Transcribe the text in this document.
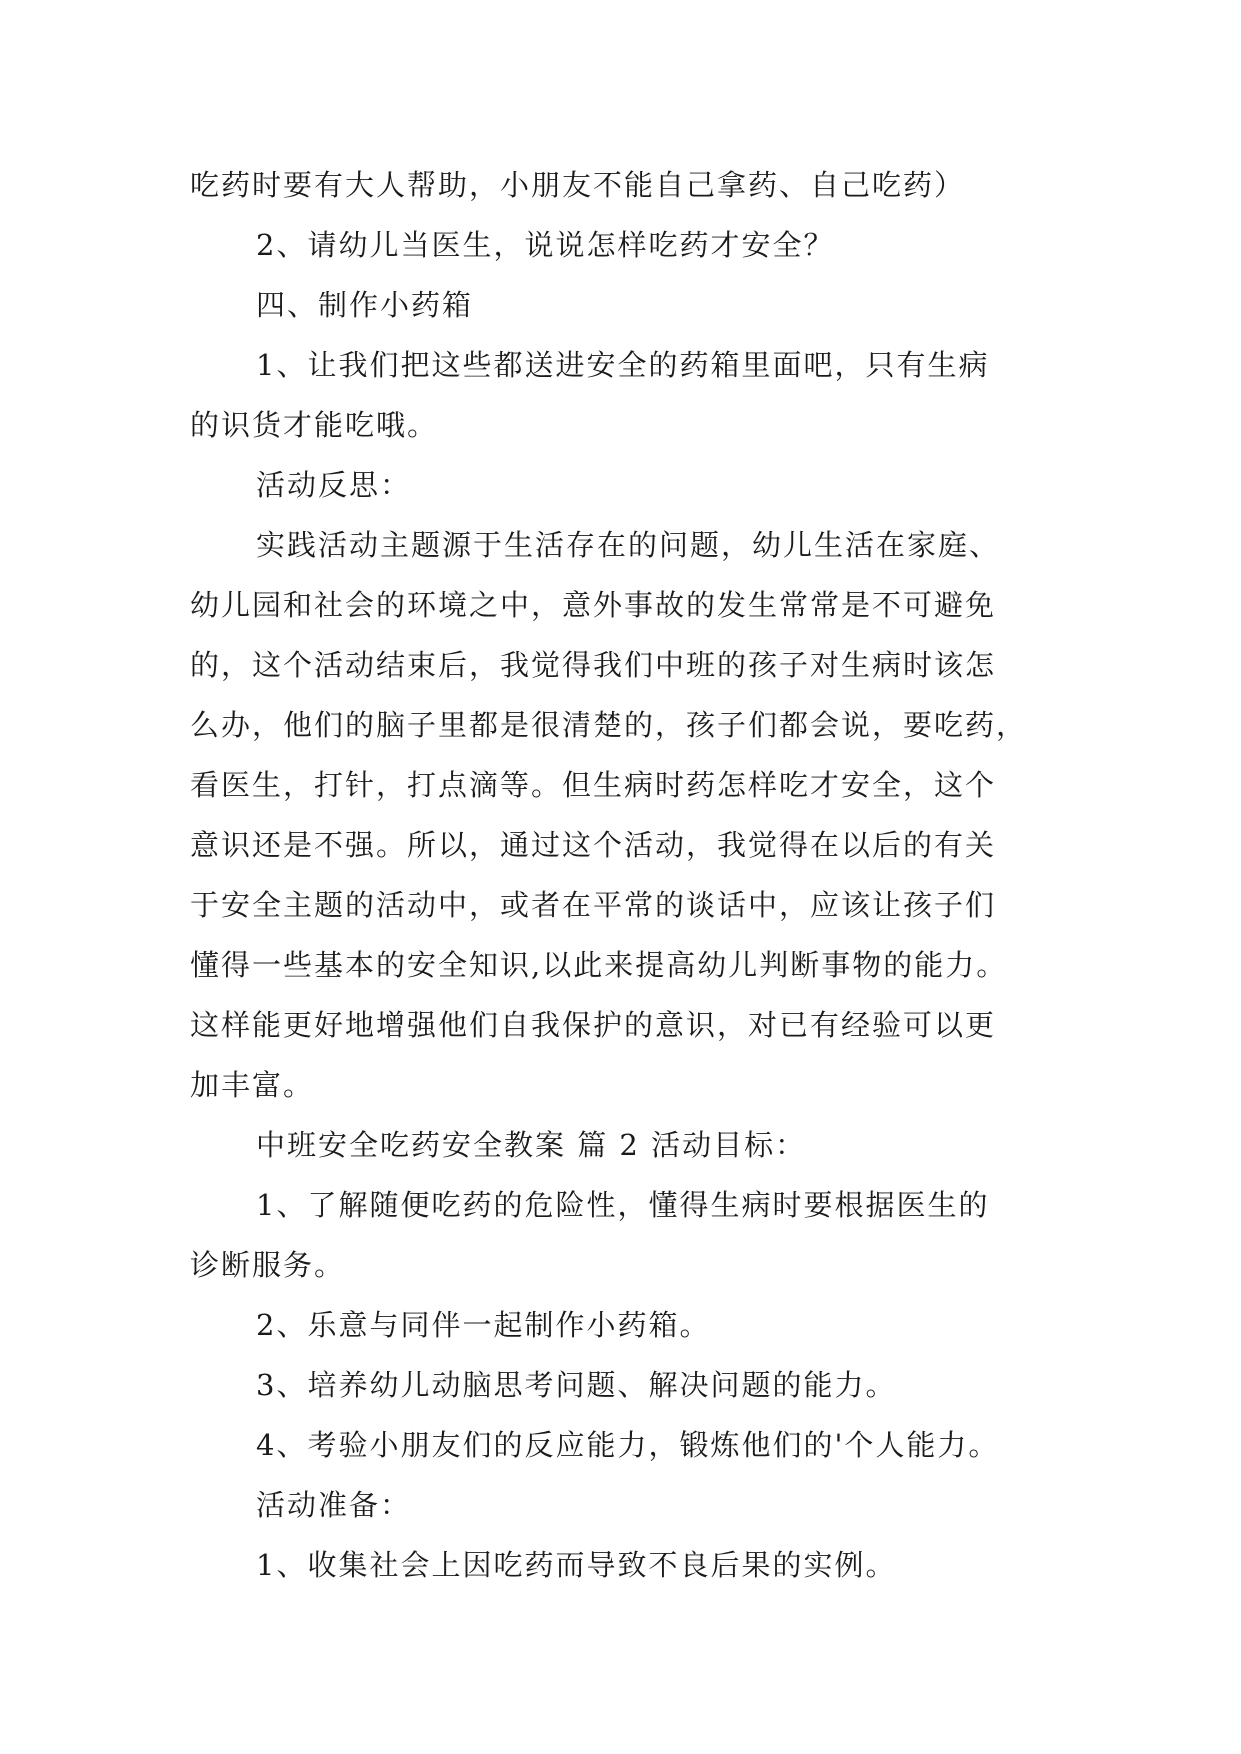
吃药时要有大人帮助，小朋友不能自己拿药、自己吃药）
2、请幼儿当医生，说说怎样吃药才安全？
四、制作小药箱
1、让我们把这些都送进安全的药箱里面吧，只有生病
的识货才能吃哦。
活动反思：
实践活动主题源于生活存在的问题，幼儿生活在家庭、
幼儿园和社会的环境之中，意外事故的发生常常是不可避免
的，这个活动结束后，我觉得我们中班的孩子对生病时该怎
么办，他们的脑子里都是很清楚的，孩子们都会说，要吃药，
看医生，打针，打点滴等。但生病时药怎样吃才安全，这个
意识还是不强。所以，通过这个活动，我觉得在以后的有关
于安全主题的活动中，或者在平常的谈话中，应该让孩子们
懂得一些基本的安全知识,以此来提高幼儿判断事物的能力。
这样能更好地增强他们自我保护的意识，对已有经验可以更
加丰富。
中班安全吃药安全教案 篇 2 活动目标：
1、了解随便吃药的危险性，懂得生病时要根据医生的
诊断服务。
2、乐意与同伴一起制作小药箱。
3、培养幼儿动脑思考问题、解决问题的能力。
4、考验小朋友们的反应能力，锻炼他们的'个人能力。
活动准备：
1、收集社会上因吃药而导致不良后果的实例。
